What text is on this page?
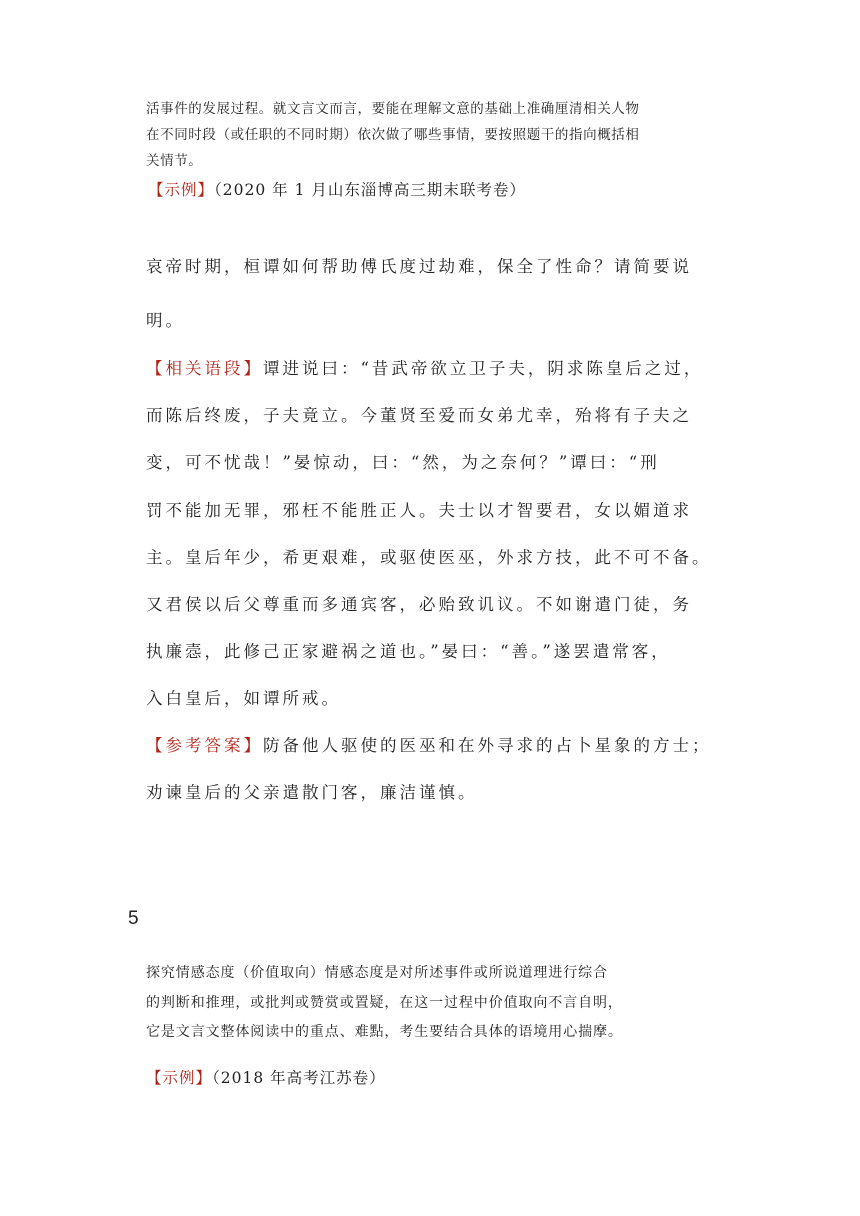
活事件的发展过程。就文言文而言，要能在理解文意的基础上准确厘清相关人物
在不同时段（或任职的不同时期）依次做了哪些事情，要按照题干的指向概括相
关情节。
【示例】（2020 年 1 月山东淄博高三期末联考卷）
哀帝时期，桓谭如何帮助傅氏度过劫难，保全了性命？请简要说
明。
【相关语段】谭进说曰：“昔武帝欲立卫子夫，阴求陈皇后之过，
而陈后终废，子夫竟立。今董贤至爱而女弟尤幸，殆将有子夫之
变，可不忧哉！”晏惊动，曰：“然，为之奈何？”谭曰：“刑
罚不能加无罪，邪枉不能胜正人。夫士以才智要君，女以媚道求
主。皇后年少，希更艰难，或驱使医巫，外求方技，此不可不备。
又君侯以后父尊重而多通宾客，必贻致讥议。不如谢遣门徒，务
执廉悫，此修己正家避祸之道也。”晏曰：“善。”遂罢遣常客，
入白皇后，如谭所戒。
【参考答案】防备他人驱使的医巫和在外寻求的占卜星象的方士；
劝谏皇后的父亲遣散门客，廉洁谨慎。
5
探究情感态度（价值取向）情感态度是对所述事件或所说道理进行综合
的判断和推理，或批判或赞赏或置疑，在这一过程中价值取向不言自明，
它是文言文整体阅读中的重点、难點，考生要结合具体的语境用心揣摩。
【示例】（2018 年高考江苏卷）
